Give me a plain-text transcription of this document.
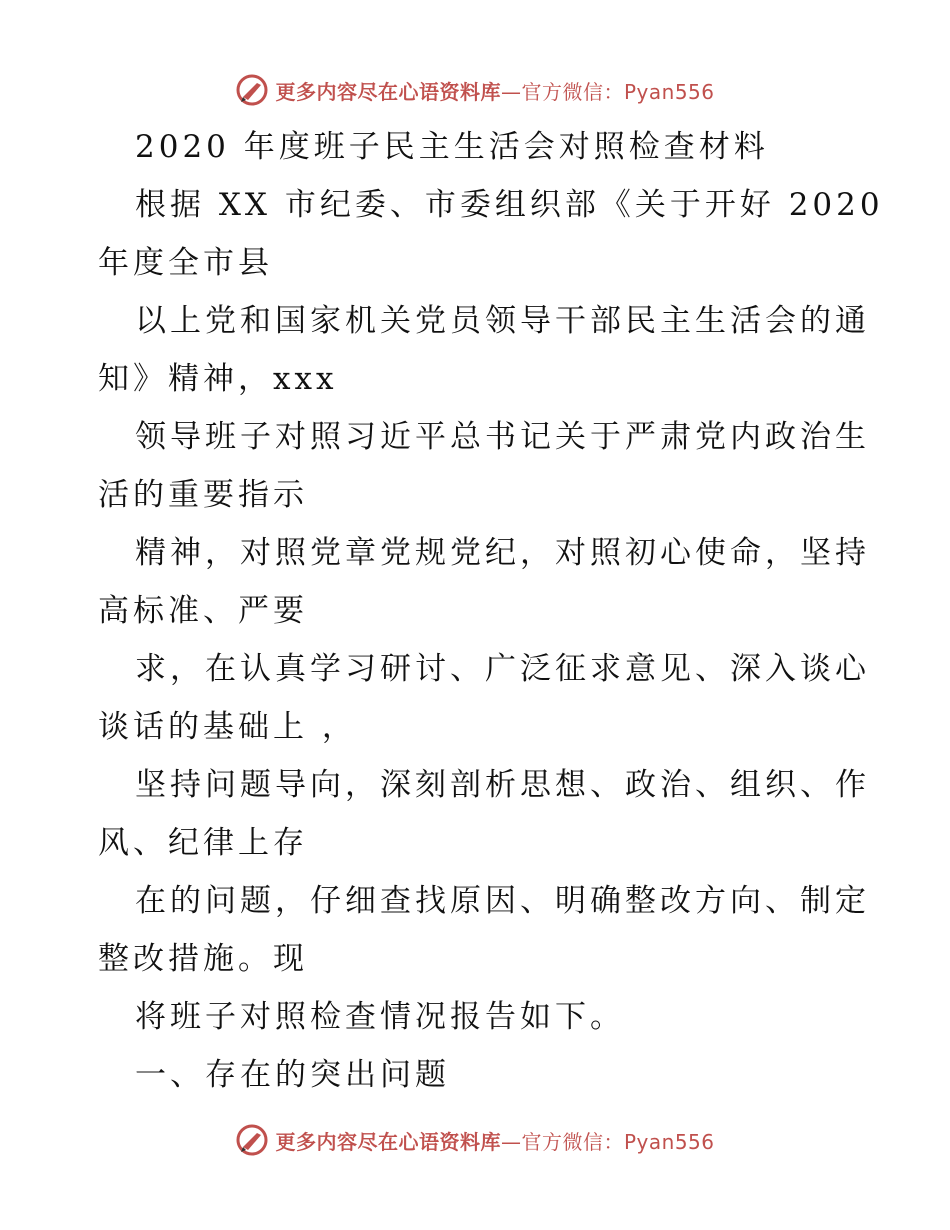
更多内容尽在心语资料库—官方微信：Pyan556
2020 年度班子民主生活会对照检查材料
根据 XX 市纪委、市委组织部《关于开好 2020
年度全市县
以上党和国家机关党员领导干部民主生活会的通
知》精神，xxx
领导班子对照习近平总书记关于严肃党内政治生
活的重要指示
精神，对照党章党规党纪，对照初心使命，坚持
高标准、严要
求，在认真学习研讨、广泛征求意见、深入谈心
谈话的基础上 ，
坚持问题导向，深刻剖析思想、政治、组织、作
风、纪律上存
在的问题，仔细查找原因、明确整改方向、制定
整改措施。现
将班子对照检查情况报告如下。
一、存在的突出问题
更多内容尽在心语资料库—官方微信：Pyan556
